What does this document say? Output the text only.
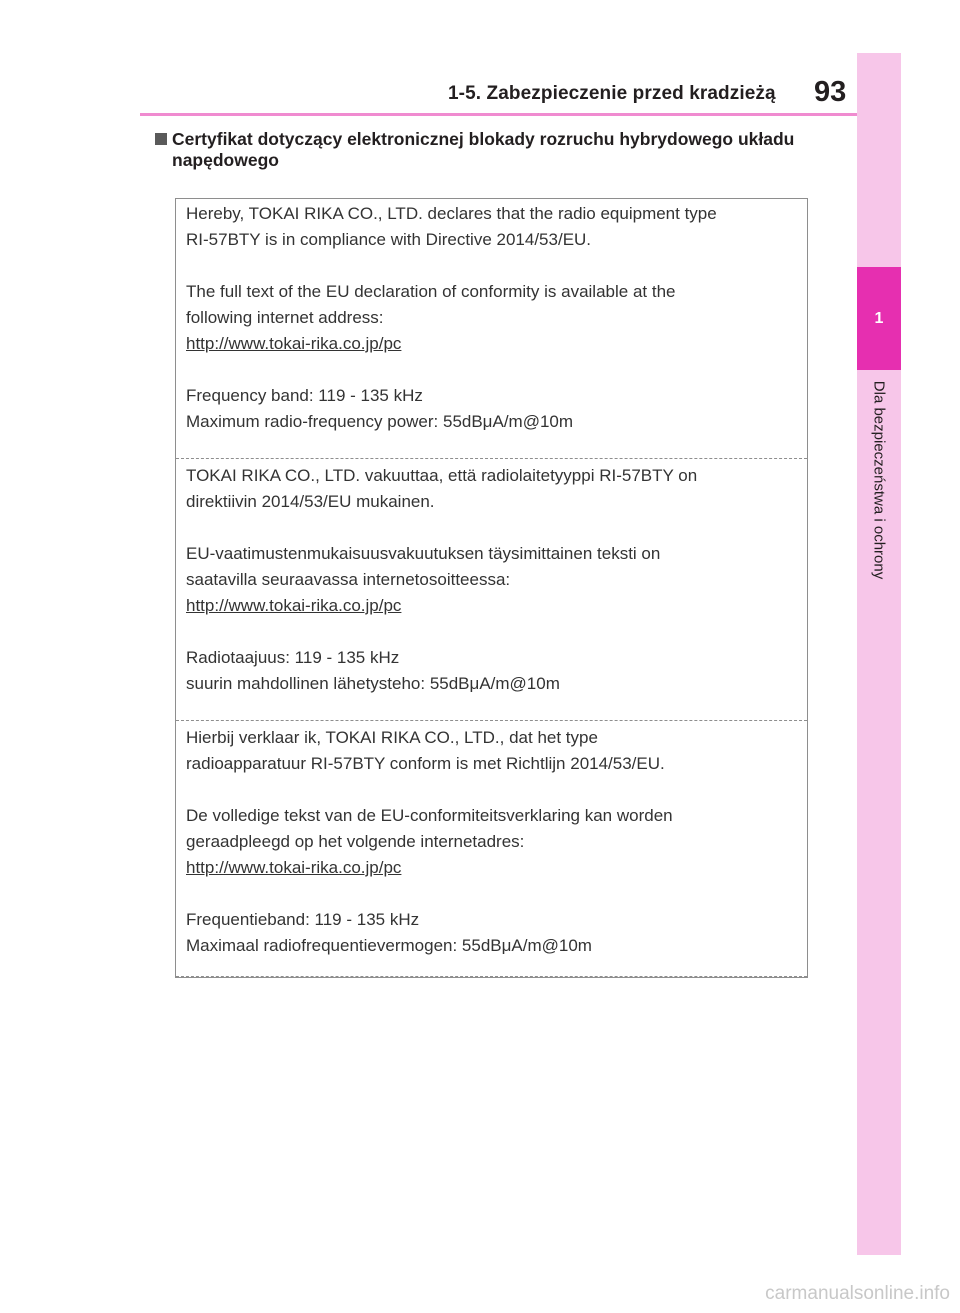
1
Dla bezpieczeństwa i ochrony
1-5. Zabezpieczenie przed kradzieżą 93
Certyfikat dotyczący elektronicznej blokady rozruchu hybrydowego układu
napędowego

Hereby, TOKAI RIKA CO., LTD. declares that the radio equipment type

RI-57BTY is in compliance with Directive 2014/53/EU.

The full text of the EU declaration of conformity is available at the

following internet address:

http://www.tokai-rika.co.jp/pc

Frequency band: 119 - 135 kHz

Maximum radio-frequency power: 55dBμA/m@10m

TOKAI RIKA CO., LTD. vakuuttaa, että radiolaitetyyppi RI-57BTY on

direktiivin 2014/53/EU mukainen.

EU-vaatimustenmukaisuusvakuutuksen täysimittainen teksti on

saatavilla seuraavassa internetosoitteessa:

http://www.tokai-rika.co.jp/pc

Radiotaajuus: 119 - 135 kHz

suurin mahdollinen lähetysteho: 55dBμA/m@10m

Hierbij verklaar ik, TOKAI RIKA CO., LTD., dat het type

radioapparatuur RI-57BTY conform is met Richtlijn 2014/53/EU.

De volledige tekst van de EU-conformiteitsverklaring kan worden

geraadpleegd op het volgende internetadres:

http://www.tokai-rika.co.jp/pc

Frequentieband: 119 - 135 kHz

Maximaal radiofrequentievermogen: 55dBμA/m@10m

carmanualsonline.info
